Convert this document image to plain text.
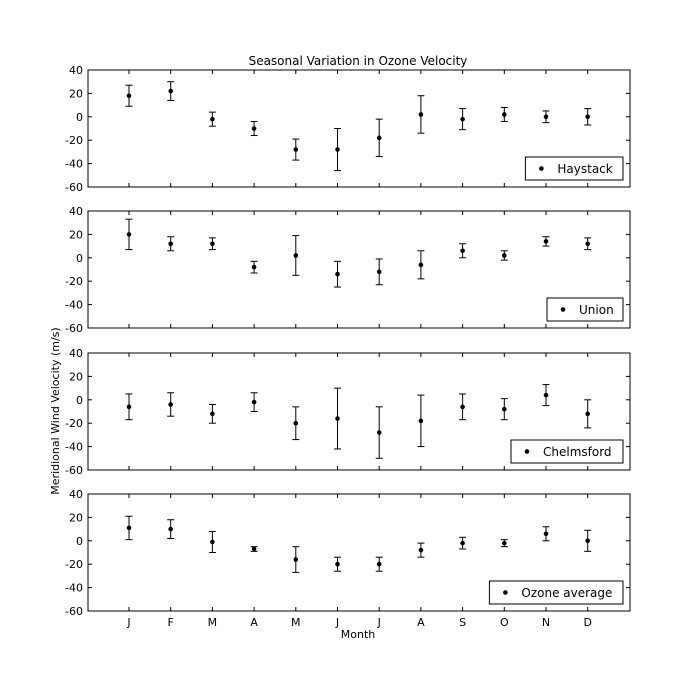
Seasonal Variation in Ozone Velocity
Meridional Wind Velocity (m/s)
Month
40
20
0
-20
-40
-60
Haystack
40
20
0
-20
-40
-60
Union
40
20
0
-20
-40
-60
Chelmsford
40
20
0
-20
-40
-60
J	F	M	A	M	J	J	A	S	O	N	D
Ozone average
